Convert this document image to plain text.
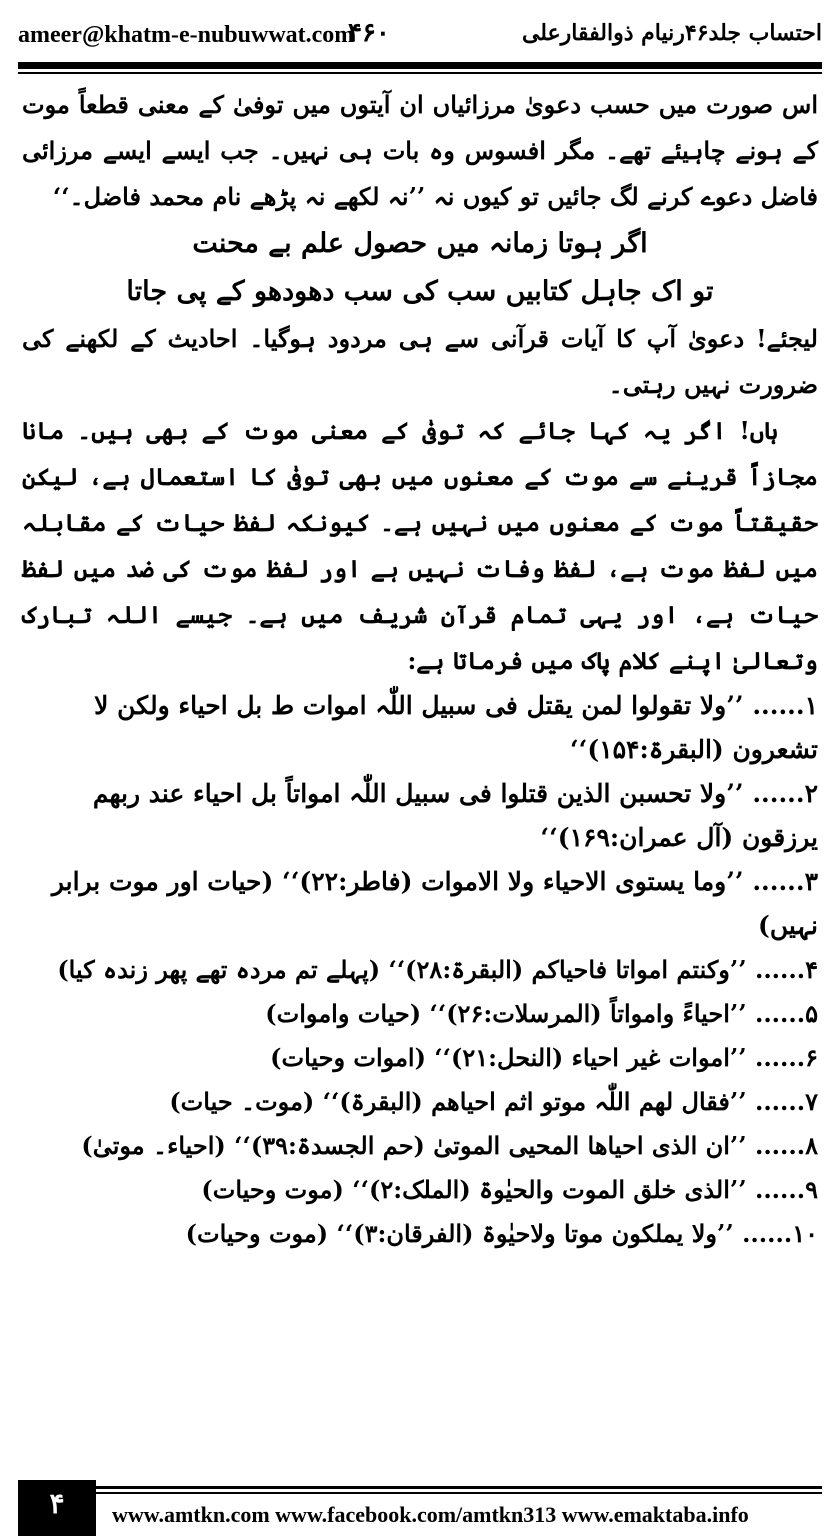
ameer@khatm-e-nubuwwat.com
۴۶۰	احتساب جلد۴۶رنیام ذوالفقارعلی

اس صورت میں حسب دعویٰ مرزائیاں ان آیتوں میں توفیٰ کے معنی قطعاً موت کے ہونے چاہیئے تھے۔ مگر افسوس وہ بات ہی نہیں۔ جب ایسے ایسے مرزائی فاضل دعوے کرنے لگ جائیں تو کیوں نہ ’’نہ لکھے نہ پڑھے نام محمد فاضل۔‘‘

اگر ہوتا زمانہ میں حصول علم بے محنت

تو اک جاہل کتابیں سب کی سب دھودھو کے پی جاتا

لیجئے! دعویٰ آپ کا آیات قرآنی سے ہی مردود ہوگیا۔ احادیث کے لکھنے کی ضرورت نہیں رہتی۔

ہاں! اگر یہ کہا جائے کہ توفیٰ کے معنی موت کے بھی ہیں۔ مانا مجازاً قرینے سے موت کے معنوں میں بھی توفیٰ کا استعمال ہے، لیکن حقیقتاً موت کے معنوں میں نہیں ہے۔ کیونکہ لفظ حیات کے مقابلہ میں لفظ موت ہے، لفظ وفات نہیں ہے اور لفظ موت کی ضد میں لفظ حیات ہے، اور یہی تمام قرآن شریف میں ہے۔ جیسے اللہ تبارک وتعالیٰ اپنے کلام پاک میں فرماتا ہے:

۱...... ’’ولا تقولوا لمن یقتل فی سبیل اللّٰہ اموات ط بل احیاء ولکن لا تشعرون (البقرۃ:۱۵۴)‘‘

۲...... ’’ولا تحسبن الذین قتلوا فی سبیل اللّٰہ امواتاً بل احیاء عند ربھم یرزقون (آل عمران:۱۶۹)‘‘

۳...... ’’وما یستوی الاحیاء ولا الاموات (فاطر:۲۲)‘‘ (حیات اور موت برابر نہیں)

۴...... ’’وکنتم امواتا فاحیاکم (البقرۃ:۲۸)‘‘ (پہلے تم مردہ تھے پھر زندہ کیا)

۵...... ’’احیاءً وامواتاً (المرسلات:۲۶)‘‘ (حیات واموات)

۶...... ’’اموات غیر احیاء (النحل:۲۱)‘‘ (اموات وحیات)

۷...... ’’فقال لھم اللّٰہ موتو اثم احیاھم (البقرۃ)‘‘ (موت۔ حیات)

۸...... ’’ان الذی احیاھا المحیی الموتیٰ (حم الجسدۃ:۳۹)‘‘ (احیاء۔ موتیٰ)

۹...... ’’الذی خلق الموت والحیٰوۃ (الملک:۲)‘‘ (موت وحیات)

۱۰...... ’’ولا یملکون موتا ولاحیٰوۃ (الفرقان:۳)‘‘ (موت وحیات)

۴	www.amtkn.com www.facebook.com/amtkn313 www.emaktaba.info
